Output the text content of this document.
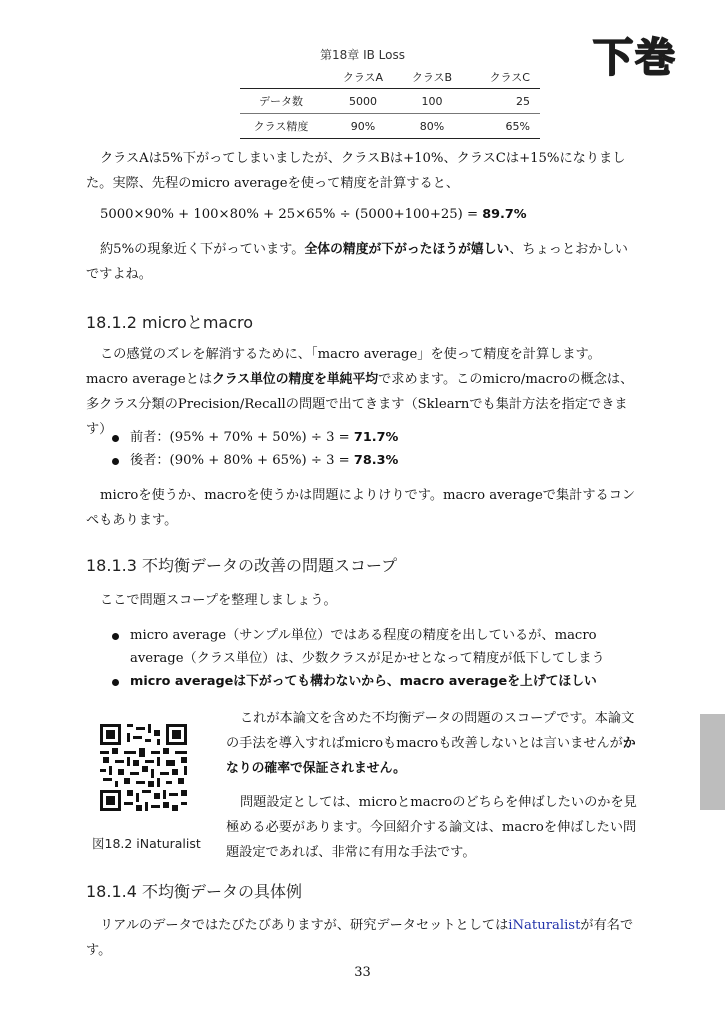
第18章 IB Loss	下巻
	クラスA	クラスB		クラスC
データ数	5000	100		25
クラス精度	90%	80%		65%

クラスAは5%下がってしまいましたが、クラスBは+10%、クラスCは+15%になりました。実際、先程のmicro averageを使って精度を計算すると、

5000×90% + 100×80% + 25×65% ÷ (5000+100+25) = 89.7%

約5%の現象近く下がっています。全体の精度が下がったほうが嬉しい、ちょっとおかしいですよね。

18.1.2 microとmacro

この感覚のズレを解消するために、「macro average」を使って精度を計算します。macro averageとはクラス単位の精度を単純平均で求めます。このmicro/macroの概念は、多クラス分類のPrecision/Recallの問題で出てきます（Sklearnでも集計方法を指定できます）

前者：(95% + 70% + 50%) ÷ 3 = 71.7%
後者：(90% + 80% + 65%) ÷ 3 = 78.3%

microを使うか、macroを使うかは問題によりけりです。macro averageで集計するコンペもあります。

18.1.3 不均衡データの改善の問題スコープ

ここで問題スコープを整理しましょう。

micro average（サンプル単位）ではある程度の精度を出しているが、macro average（クラス単位）は、少数クラスが足かせとなって精度が低下してしまう
micro averageは下がっても構わないから、macro averageを上げてほしい
図18.2 iNaturalist

これが本論文を含めた不均衡データの問題のスコープです。本論文の手法を導入すればmicroもmacroも改善しないとは言いませんがかなりの確率で保証されません。

問題設定としては、microとmacroのどちらを伸ばしたいのかを見極める必要があります。今回紹介する論文は、macroを伸ばしたい問題設定であれば、非常に有用な手法です。

18.1.4 不均衡データの具体例

リアルのデータではたびたびありますが、研究データセットとしてはiNaturalistが有名です。

33
